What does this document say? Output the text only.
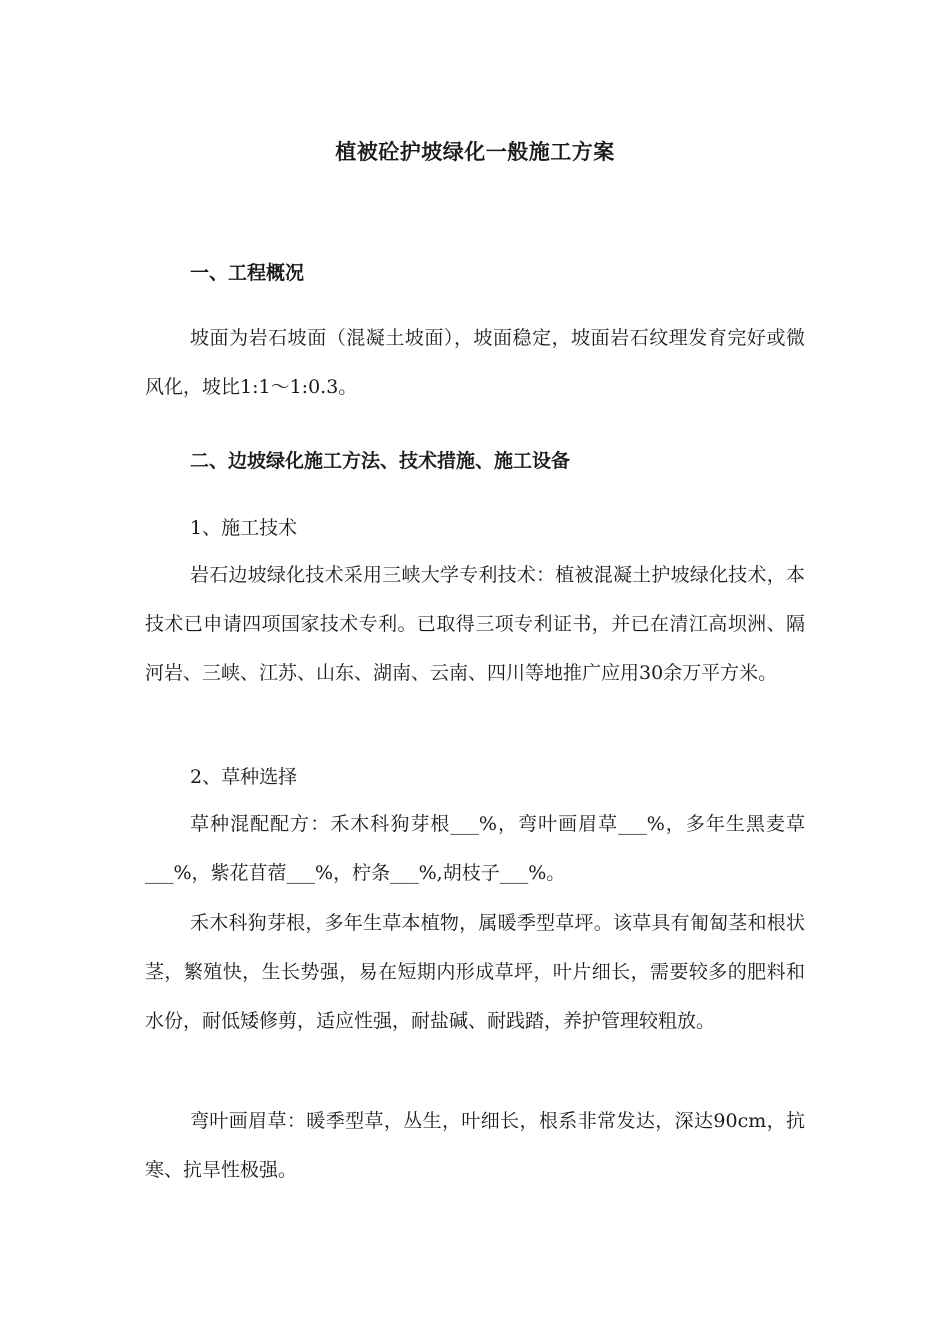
植被砼护坡绿化一般施工方案
一、工程概况

坡面为岩石坡面（混凝土坡面），坡面稳定，坡面岩石纹理发育完好或微风化，坡比1:1～1:0.3。

二、边坡绿化施工方法、技术措施、施工设备

1、施工技术

岩石边坡绿化技术采用三峡大学专利技术：植被混凝土护坡绿化技术，本技术已申请四项国家技术专利。已取得三项专利证书，并已在清江高坝洲、隔河岩、三峡、江苏、山东、湖南、云南、四川等地推广应用30余万平方米。

2、草种选择

草种混配配方：禾木科狗芽根___%，弯叶画眉草___%，多年生黑麦草___%，紫花苜蓿___%，柠条___%,胡枝子___%。

禾木科狗芽根，多年生草本植物，属暖季型草坪。该草具有匍匐茎和根状茎，繁殖快，生长势强，易在短期内形成草坪，叶片细长，需要较多的肥料和水份，耐低矮修剪，适应性强，耐盐碱、耐践踏，养护管理较粗放。

弯叶画眉草：暖季型草，丛生，叶细长，根系非常发达，深达90cm，抗寒、抗旱性极强。
